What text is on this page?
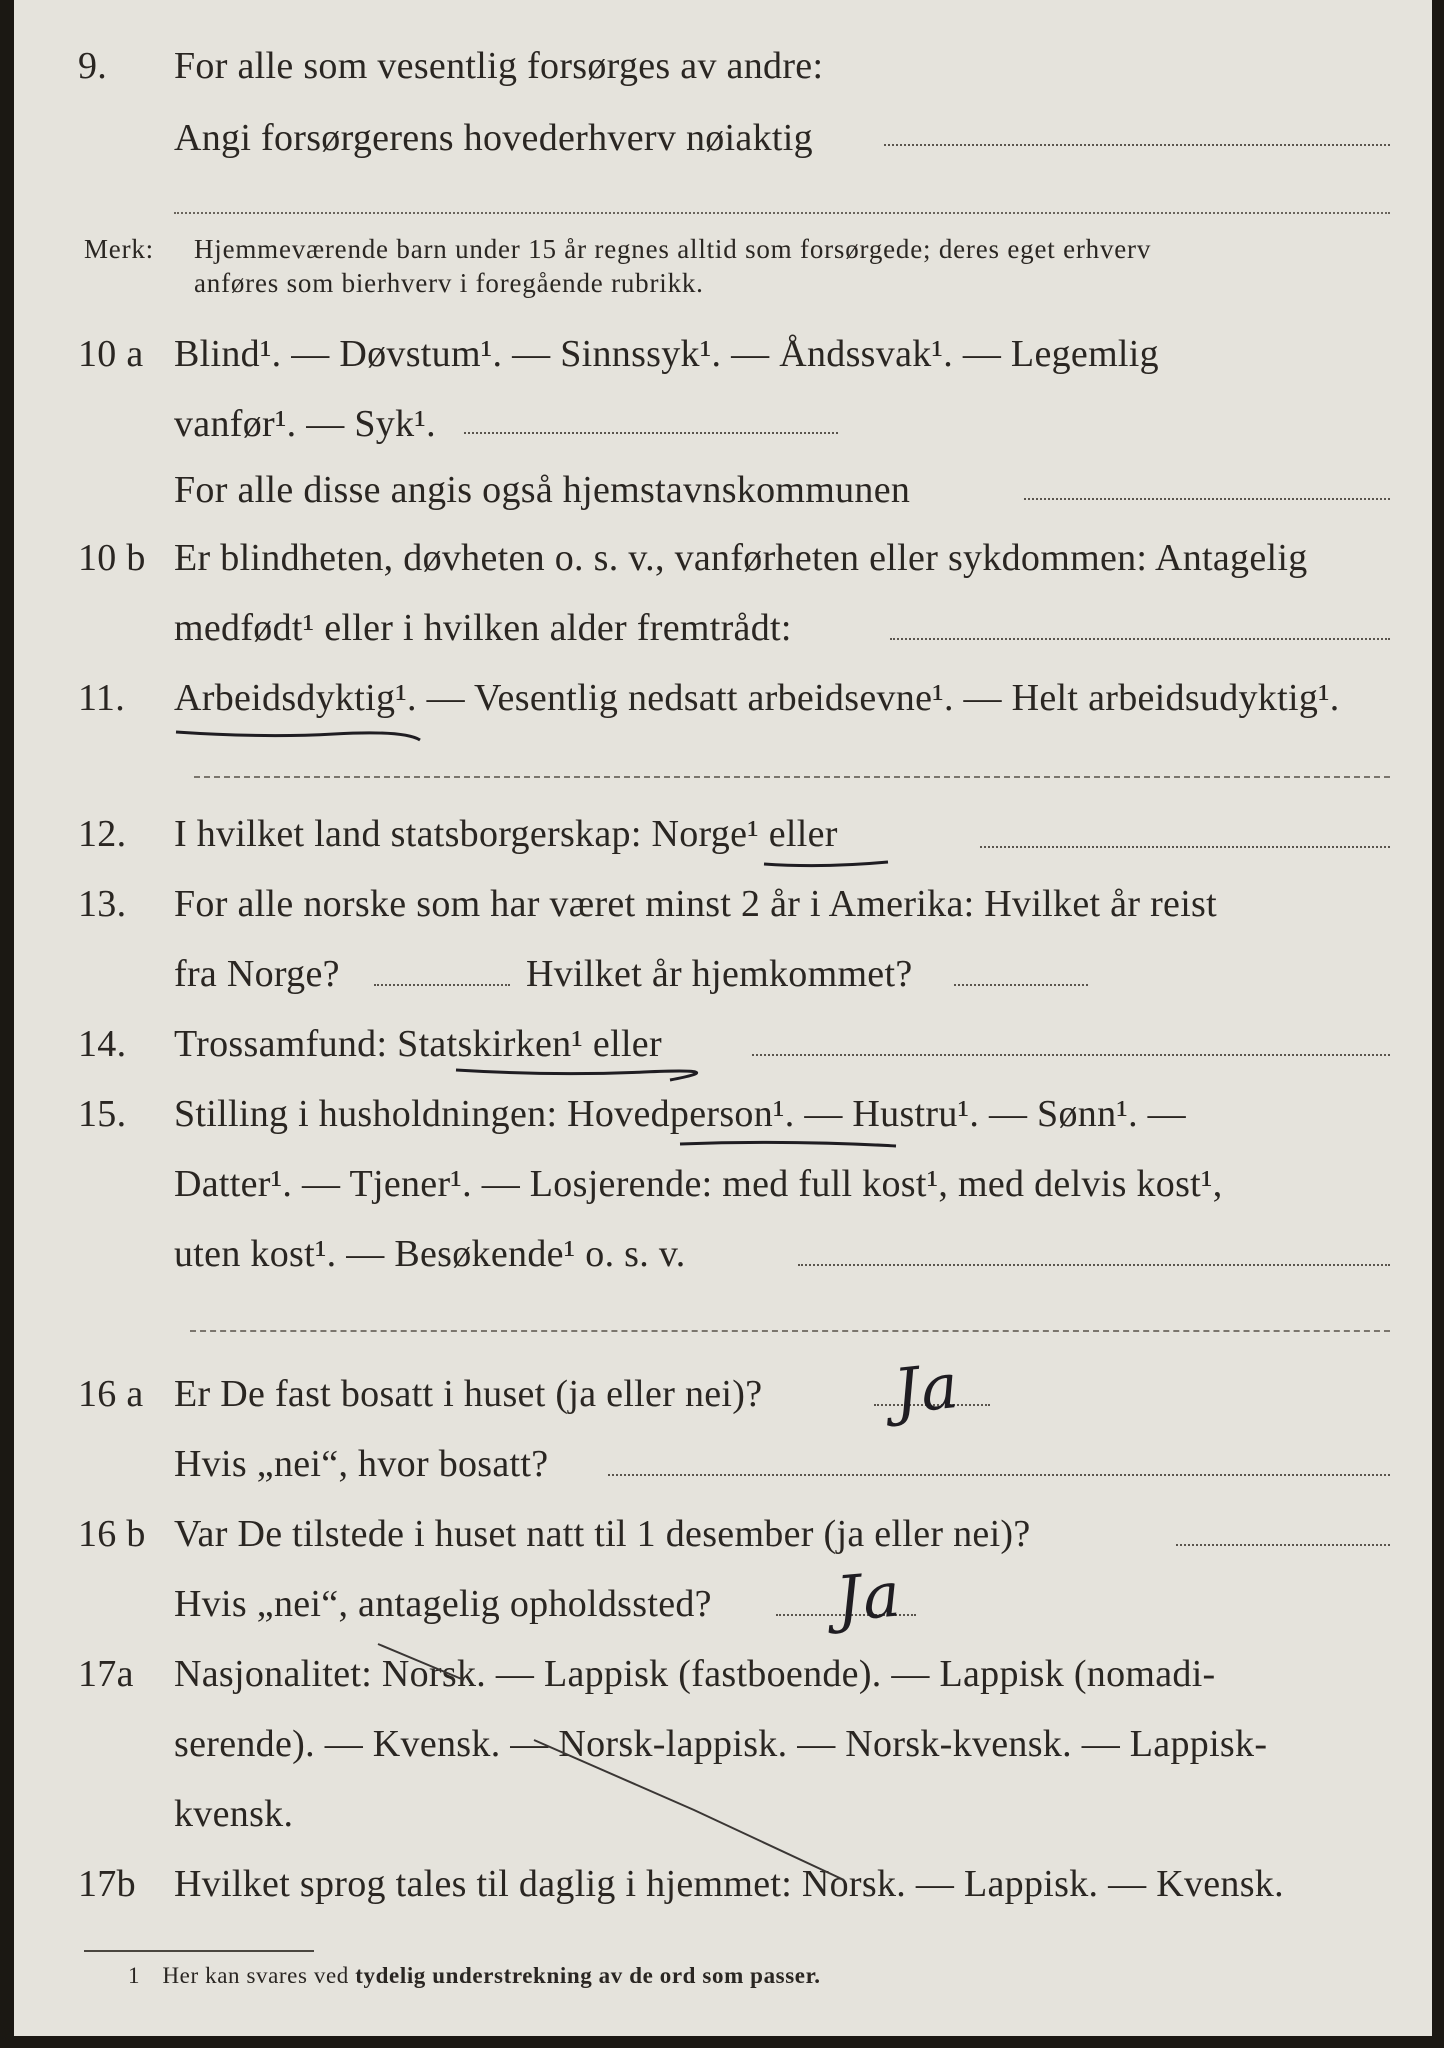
9. For alle som vesentlig forsørges av andre:
Angi forsørgerens hovederhverv nøiaktig
Merk: Hjemmeværende barn under 15 år regnes alltid som forsørgede; deres eget erhverv
anføres som bierhverv i foregående rubrikk.
10 a Blind¹. — Døvstum¹. — Sinnssyk¹. — Åndssvak¹. — Legemlig
vanfør¹. — Syk¹.
For alle disse angis også hjemstavnskommunen
10 b Er blindheten, døvheten o. s. v., vanførheten eller sykdommen: Antagelig
medfødt¹ eller i hvilken alder fremtrådt:
11. Arbeidsdyktig¹. — Vesentlig nedsatt arbeidsevne¹. — Helt arbeidsudyktig¹.
12. I hvilket land statsborgerskap: Norge¹ eller
13. For alle norske som har været minst 2 år i Amerika: Hvilket år reist
fra Norge?	Hvilket år hjemkommet?
14. Trossamfund: Statskirken¹ eller
15. Stilling i husholdningen: Hovedperson¹. — Hustru¹. — Sønn¹. —
Datter¹. — Tjener¹. — Losjerende: med full kost¹, med delvis kost¹,
uten kost¹. — Besøkende¹ o. s. v.
16 a Er De fast bosatt i huset (ja eller nei)? Ja
Hvis „nei“, hvor bosatt?
16 b Var De tilstede i huset natt til 1 desember (ja eller nei)?
Hvis „nei“, antagelig opholdssted? Ja
17a Nasjonalitet: Norsk. — Lappisk (fastboende). — Lappisk (nomadi-
serende). — Kvensk. — Norsk-lappisk. — Norsk-kvensk. — Lappisk-
kvensk.
17b Hvilket sprog tales til daglig i hjemmet: Norsk. — Lappisk. — Kvensk.
1 Her kan svares ved tydelig understrekning av de ord som passer.
